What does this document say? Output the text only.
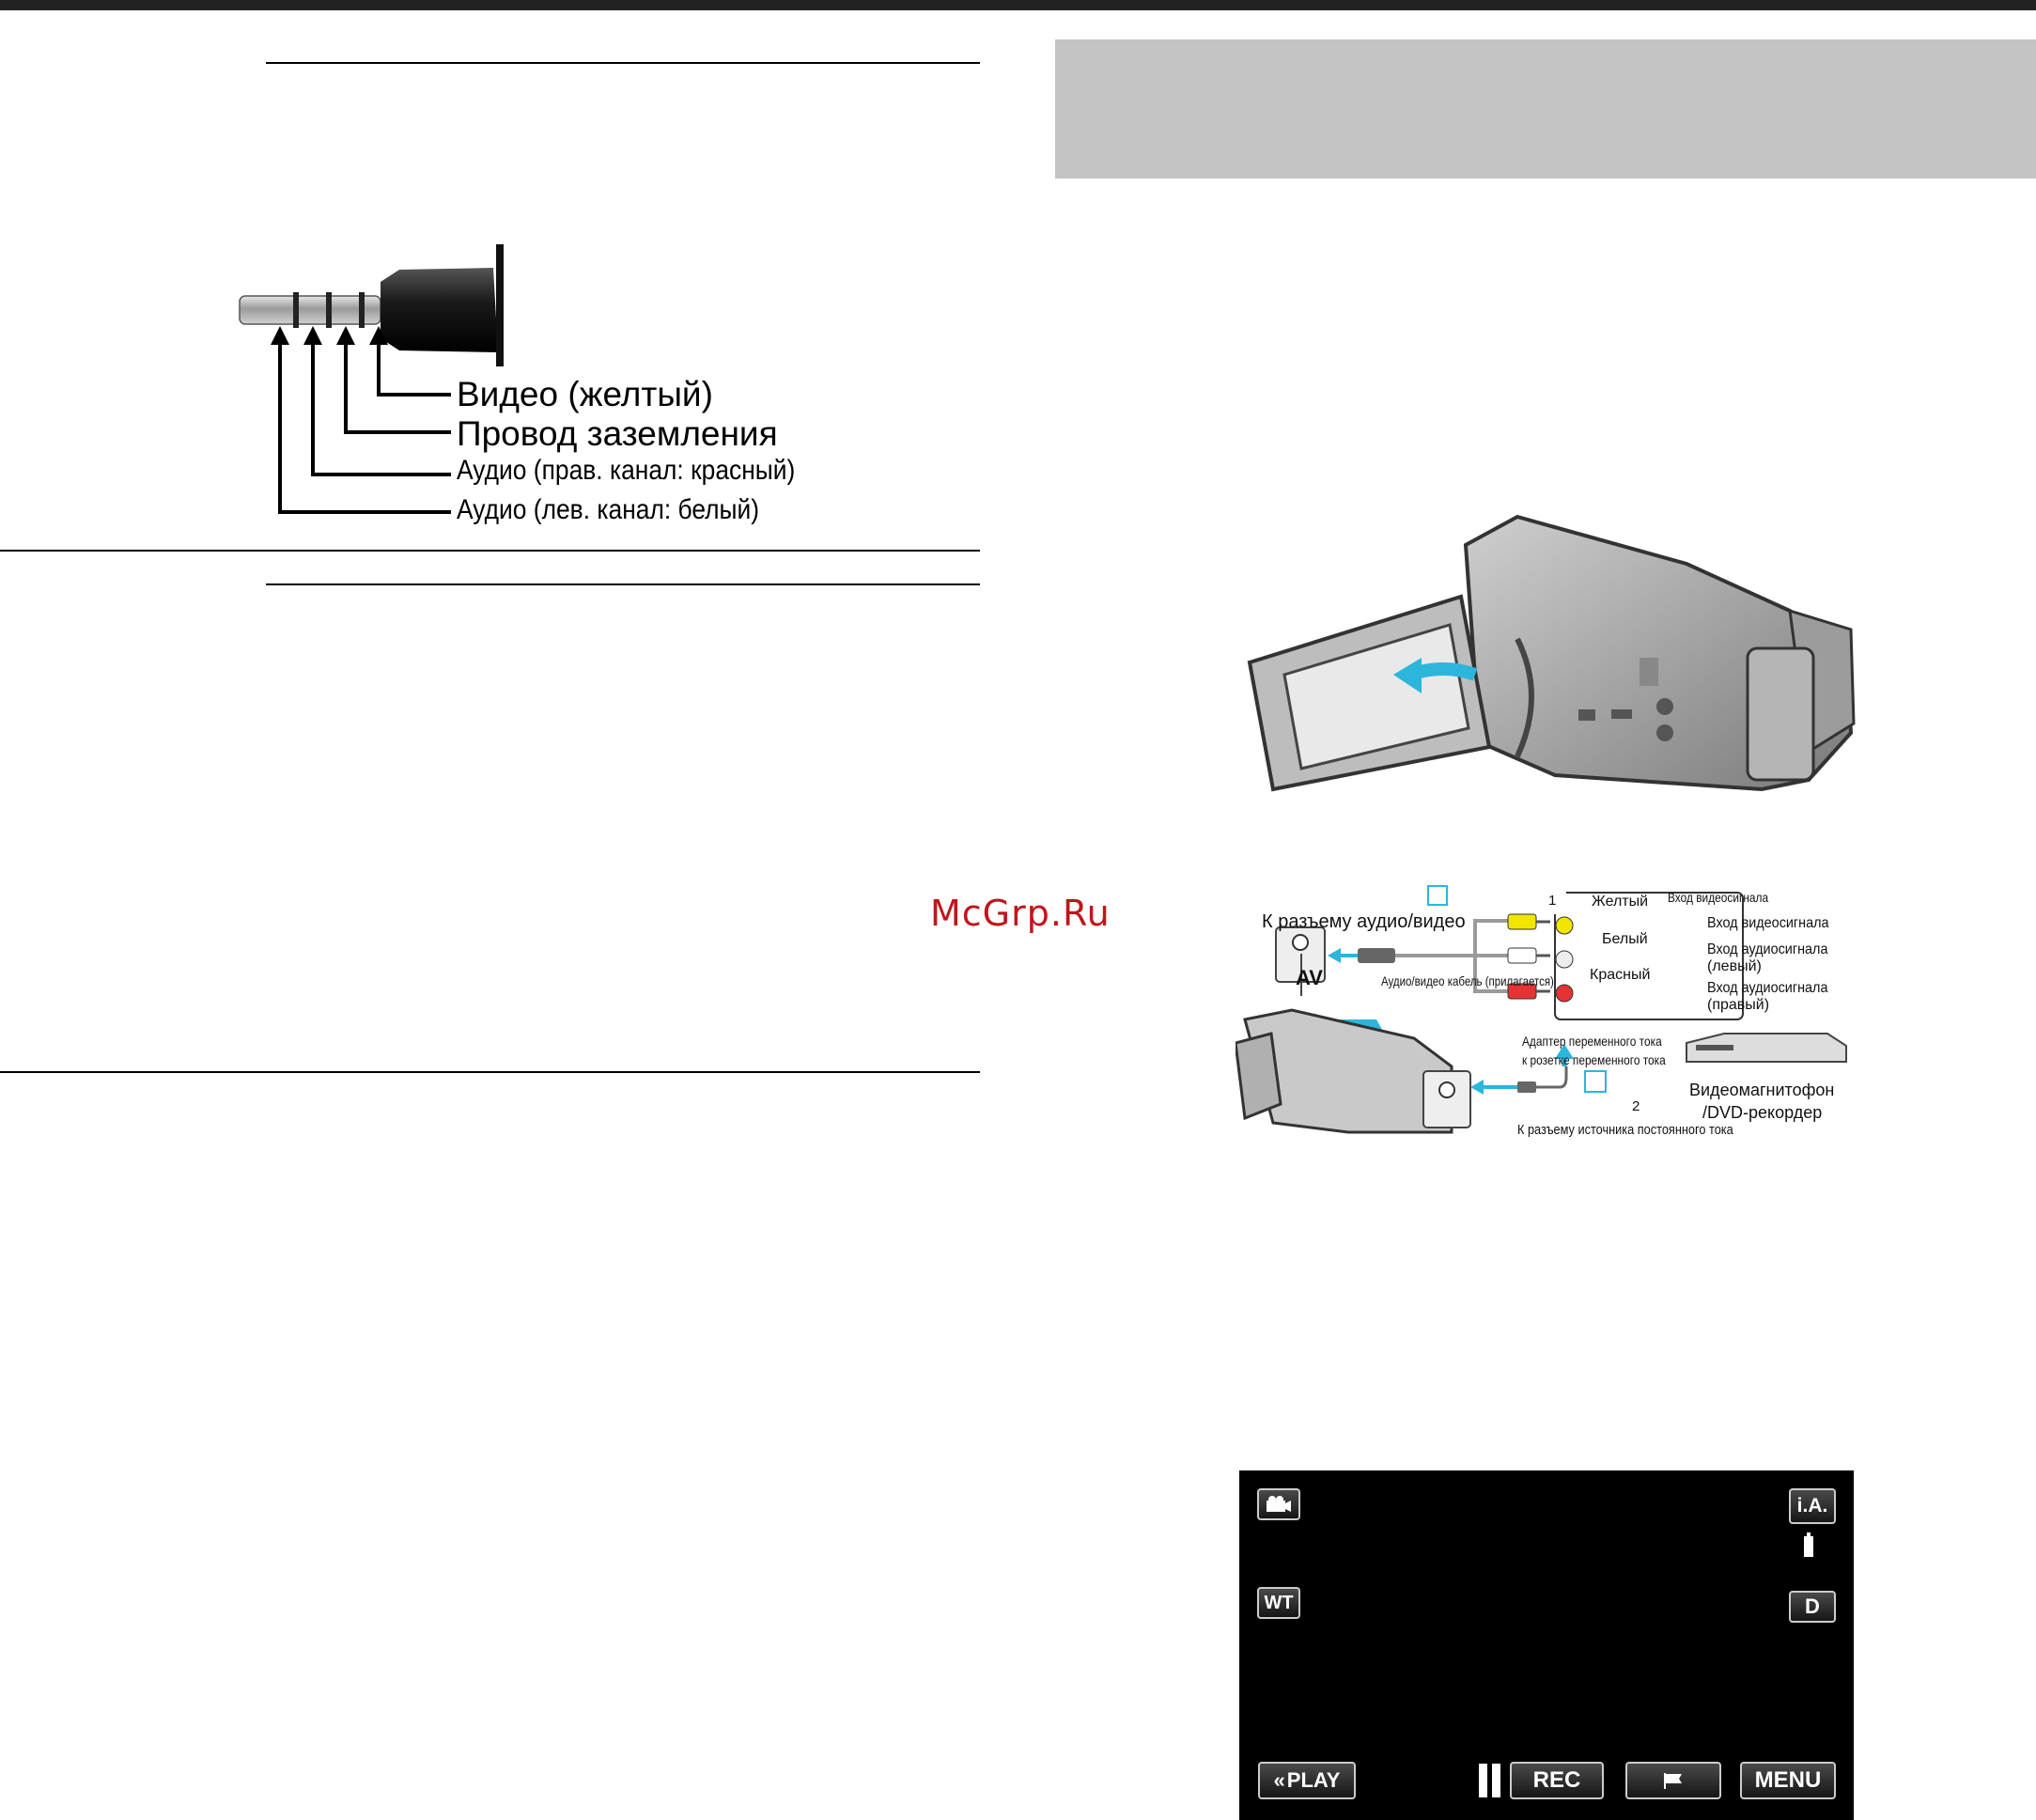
Видео (желтый)
Провод заземления
Аудио (прав. канал: красный)
Аудио (лев. канал: белый)
McGrp.Ru	К разъему аудио/видео
AV	Аудио/видео кабель (прилагается)
1
2
Желтый
Белый
Красный
Вход видеосигнала
Вход видеосигнала
Вход аудиосигнала
(левый)
Вход аудиосигнала
(правый)
Запись
Адаптер переменного тока
к розетке переменного тока
К разъему источника постоянного тока
Видеомагнитофон
/DVD-рекордер
i.A.
WT	D
« PLAY	REC	MENU
